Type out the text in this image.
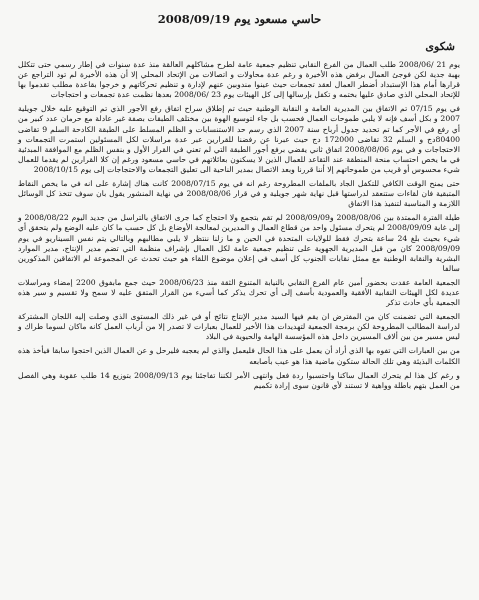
حاسي مسعود يوم 2008/09/19
شكوى

يوم 21 /2008/06 طلب العمال من الفرع النقابي تنظيم جمعية عامة لطرح مشاكلهم العالقة منذ عدة سنوات في إطار رسمي حتى تتكلل بهبة جدية لكن فوجئ العمال برفض هذه الأخيرة و رغم عدة محاولات و اتصالات من الإتحاد المحلي إلا أن هذه الأخيرة لم تود التراجع عن قرارها أمام هذا الإستبداد أضطر العمال لعقد تجمعات حيث عينوا مندوبين عنهم لإدارة و تنظيم تحركاتهم و خرجوا بقاعدة مطلب تقدموا بها للإتحاد المحلي الذي صادق عليها بختمه و تكفل بإرسالها إلى كل الهيئات يوم 23 /2008/06 بعدها نظمت عدة تجمعات و احتجاجات

في يوم 07/15 تم الاتفاق بين المديرية العامة و النقابة الوطنية حيث تم إطلاق سراح اتفاق رفع الأجور الذي تم التوقيع عليه خلال جويلية 2007 و بكل أسف فإنه لا يلبي طموحات العمال فحسب بل جاء لتوسيع الهوة بين مختلف الطبقات بصفة غير عادلة مع حرمان عدد كبير من أي رفع في الأجر كما تم تحديد جدول أرباح سنة 2007 الذي رسم حد الاستنسابات و الظلم المسلط على الطبقة الكادحة السلم 9 تقاضى 80400دج و السلم 32 تقاضى 172000 دج حيث عبرنا عن رفضنا للقرارين عبر عدة مراسلات لكل المسئولين استمرت التجمعات و الاحتجاجات و في يوم 2008/08/06 اتفاق ثاني يقضي برفع أجور الطبقة التي لم تعني في القرار الأول و بنفس الظلم مع الموافقة المبدئية في ما يخص احتساب منحة المنطقة عند التقاعد للعمال الذين لا يسكنون بعائلاتهم في حاسي مسعود ورغم إن كلا القرارين لم يقدما للعمال شيء محسوس أو قريب من طموحاتهم إلا أننا قررنا وبعد الاتصال بمدير الناحية الى تعليق التجمعات والاحتجاجات إلى يوم 2008/10/15

حتى يمنح الوقت الكافي للتكفل الجاد بالملفات المطروحة رغم انه في يوم 2008/07/15 كانت هناك إشارة على انه في ما يخص النقاط المتبقية فان لقاءات ستنعقد لدراستها قبل نهاية شهر جويلية و في قرار 2008/08/06 في نهاية المنشور يقول بان سوف تتخذ كل الوسائل اللازمة و المناسبة لتنفيذ هذا الاتفاق

طيلة الفترة الممتدة بين 2008/08/06 و2008/09/09 لم تقم بتجمع ولا احتجاج كما جرى الاتفاق بالتراسل من جديد اليوم 2008/08/22 و إلى غاية 2008/09/09 لم يتحرك مسئول واحد من قطاع العمال و المديرين لمعالجة الأوضاع بل كل حسب ما كان عليه الوضع ولم يتحقق أي شيء بحيث بلغ 24 ساعة بتحرك فقط للولايات المتحدة في الحين و ما زلنا ننتظر لا يلبي مطالبهم وبالتالي يتم نفس السيناريو في يوم 2008/09/09 كان من قبل المديرية الجهوية على تنظيم جمعية عامة لكل العمال بإشراف منظمة التي تضم مدير الإنتاج، مدير الموارد البشرية والنقابة الوطنية مع ممثل نقابات الجنوب كل أسف في إعلان موضوع اللقاء هو حيث تحدث عن المجموعة لم الاتفاقين المذكورين سالفا

الجمعية العامة عقدت بحضور أمين عام الفرع النقابي بالنيابة المتنوع الثقة منذ 2008/06/23 حيث جمع مابفوق 2200 إمضاء ومراسلات عديدة لكل الهيئات النقابية الأفقية والعمودية بأسف إلى أي تحرك يذكر كما أسيء من القرار المتفق عليه لا سمح ولا تقسيم و سير هذه الجمعية بأي حادث تذكر

الجمعية التي تضمنت كان من المفترض ان يقم فيها السيد مدير الإنتاج نتائج أو في غير ذلك المستوى الذي وصلت إليه اللجان المشتركة لدراسة المطالب المطروحة لكن برمجة الجمعية لتهديدات هذا الأخير للعمال بعبارات لا تصدر إلا من أرباب العمل كانه ماكان لسوما طراك و ليس مسير من بين ألاف المسيرين داخل هذه المؤسسة الهامة والحيوية في البلاد

من بين العبارات التي تفوه بها الذي أراد أن يعمل على هذا الحال فليعمل والذي لم يعجبه فليرحل و عن العمال الذين احتجوا سابقا فيأخذ هذه الكلمات البذيئة وهي تلك الحالة ستكون ماضية هذا هو عيب بأصابعه

و رغم كل هذا لم يتحرك العمال ساكنا واحتسبوا ردة فعل وانتهى الأمر لكننا تفاجئنا يوم 2008/09/13 بتوزيع 14 طلب عقوبة وهي الفصل من العمل بتهم باطلة وواهية لا تستند لأي قانون سوى إرادة تكميم
